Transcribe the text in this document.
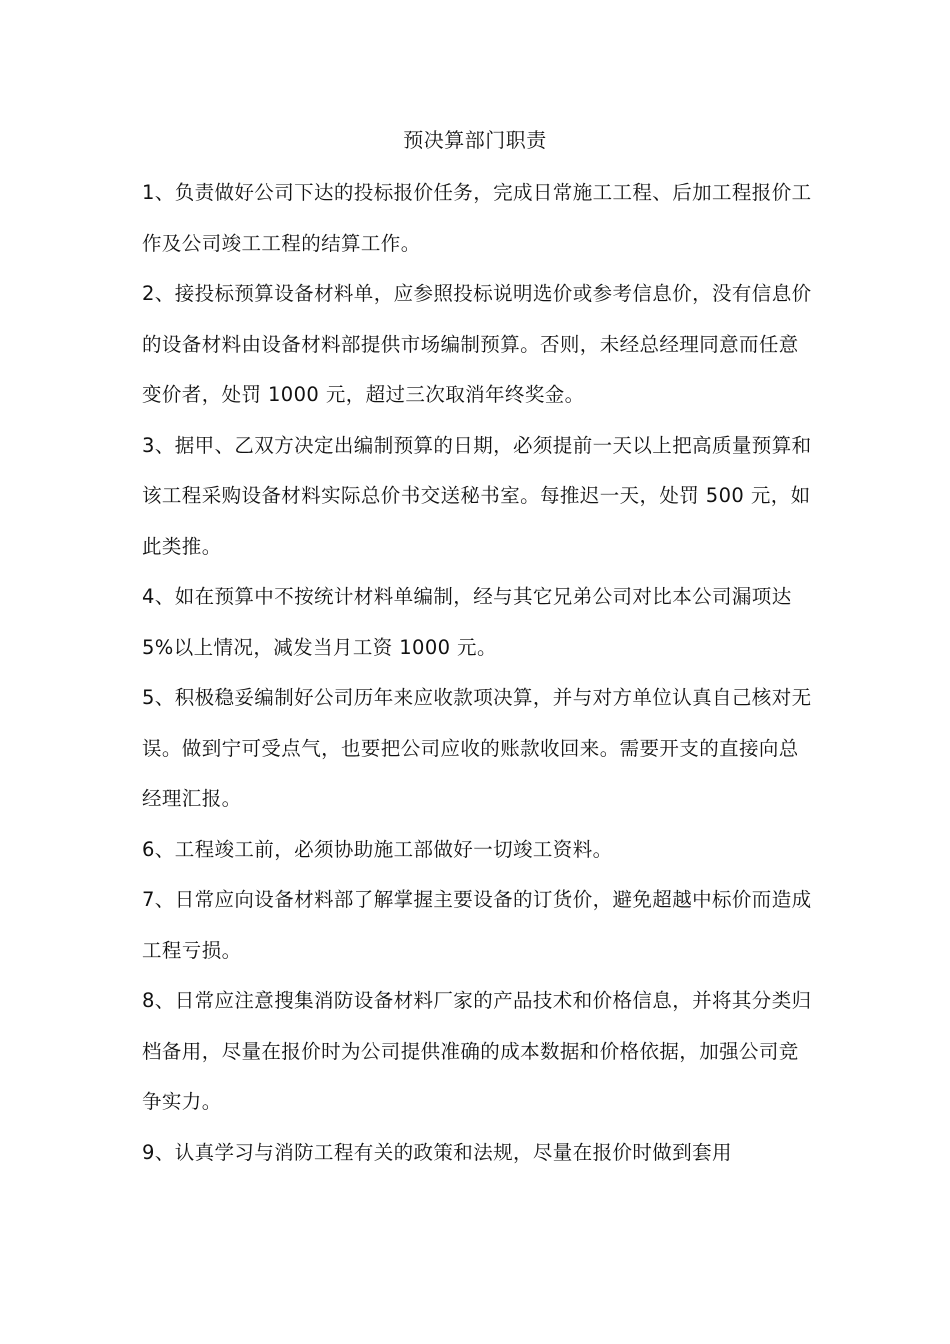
预决算部门职责

1、负责做好公司下达的投标报价任务，完成日常施工工程、后加工程报价工作及公司竣工工程的结算工作。

2、接投标预算设备材料单，应参照投标说明选价或参考信息价，没有信息价的设备材料由设备材料部提供市场编制预算。否则，未经总经理同意而任意变价者，处罚 1000 元，超过三次取消年终奖金。

3、据甲、乙双方决定出编制预算的日期，必须提前一天以上把高质量预算和该工程采购设备材料实际总价书交送秘书室。每推迟一天，处罚 500 元，如此类推。

4、如在预算中不按统计材料单编制，经与其它兄弟公司对比本公司漏项达 5%以上情况，减发当月工资 1000 元。

5、积极稳妥编制好公司历年来应收款项决算，并与对方单位认真自己核对无误。做到宁可受点气，也要把公司应收的账款收回来。需要开支的直接向总经理汇报。

6、工程竣工前，必须协助施工部做好一切竣工资料。

7、日常应向设备材料部了解掌握主要设备的订货价，避免超越中标价而造成工程亏损。

8、日常应注意搜集消防设备材料厂家的产品技术和价格信息，并将其分类归档备用，尽量在报价时为公司提供准确的成本数据和价格依据，加强公司竞争实力。

9、认真学习与消防工程有关的政策和法规，尽量在报价时做到套用
